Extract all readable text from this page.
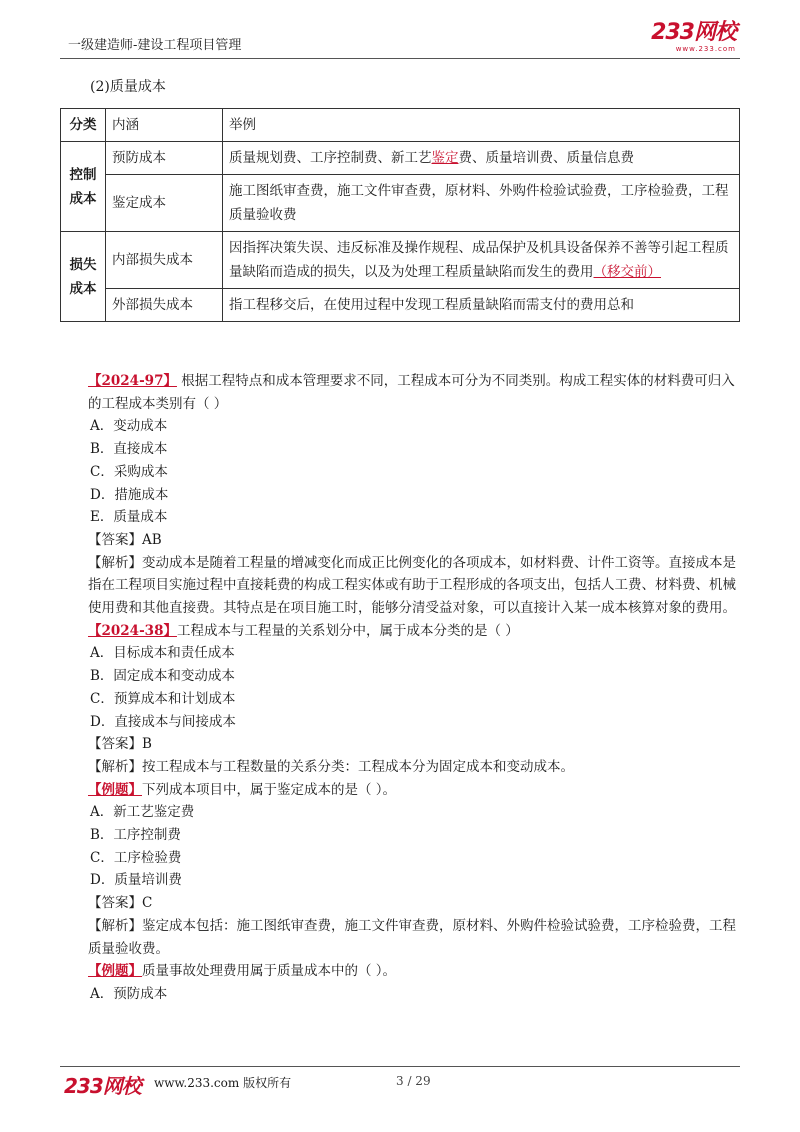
一级建造师-建设工程项目管理
233网校
www.233.com
(2)质量成本
分类	内涵	举例
控制成本	预防成本	质量规划费、工序控制费、新工艺鉴定费、质量培训费、质量信息费
	鉴定成本	施工图纸审查费，施工文件审查费，原材料、外购件检验试验费，工序检验费，工程质量验收费
损失成本	内部损失成本	因指挥决策失误、违反标准及操作规程、成品保护及机具设备保养不善等引起工程质量缺陷而造成的损失，以及为处理工程质量缺陷而发生的费用（移交前）
	外部损失成本	指工程移交后，在使用过程中发现工程质量缺陷而需支付的费用总和

【2024-97】 根据工程特点和成本管理要求不同，工程成本可分为不同类别。构成工程实体的材料费可归入的工程成本类别有（ ）

A．变动成本

B．直接成本

C．采购成本

D．措施成本

E．质量成本

【答案】AB

【解析】变动成本是随着工程量的增减变化而成正比例变化的各项成本，如材料费、计件工资等。直接成本是指在工程项目实施过程中直接耗费的构成工程实体或有助于工程形成的各项支出，包括人工费、材料费、机械使用费和其他直接费。其特点是在项目施工时，能够分清受益对象，可以直接计入某一成本核算对象的费用。

【2024-38】工程成本与工程量的关系划分中，属于成本分类的是（ ）

A．目标成本和责任成本

B．固定成本和变动成本

C．预算成本和计划成本

D．直接成本与间接成本

【答案】B

【解析】按工程成本与工程数量的关系分类：工程成本分为固定成本和变动成本。

【例题】下列成本项目中，属于鉴定成本的是（ ）。

A．新工艺鉴定费

B．工序控制费

C．工序检验费

D．质量培训费

【答案】C

【解析】鉴定成本包括：施工图纸审查费，施工文件审查费，原材料、外购件检验试验费，工序检验费，工程质量验收费。

【例题】质量事故处理费用属于质量成本中的（ ）。

A．预防成本

233网校 www.233.com 版权所有	3 / 29
